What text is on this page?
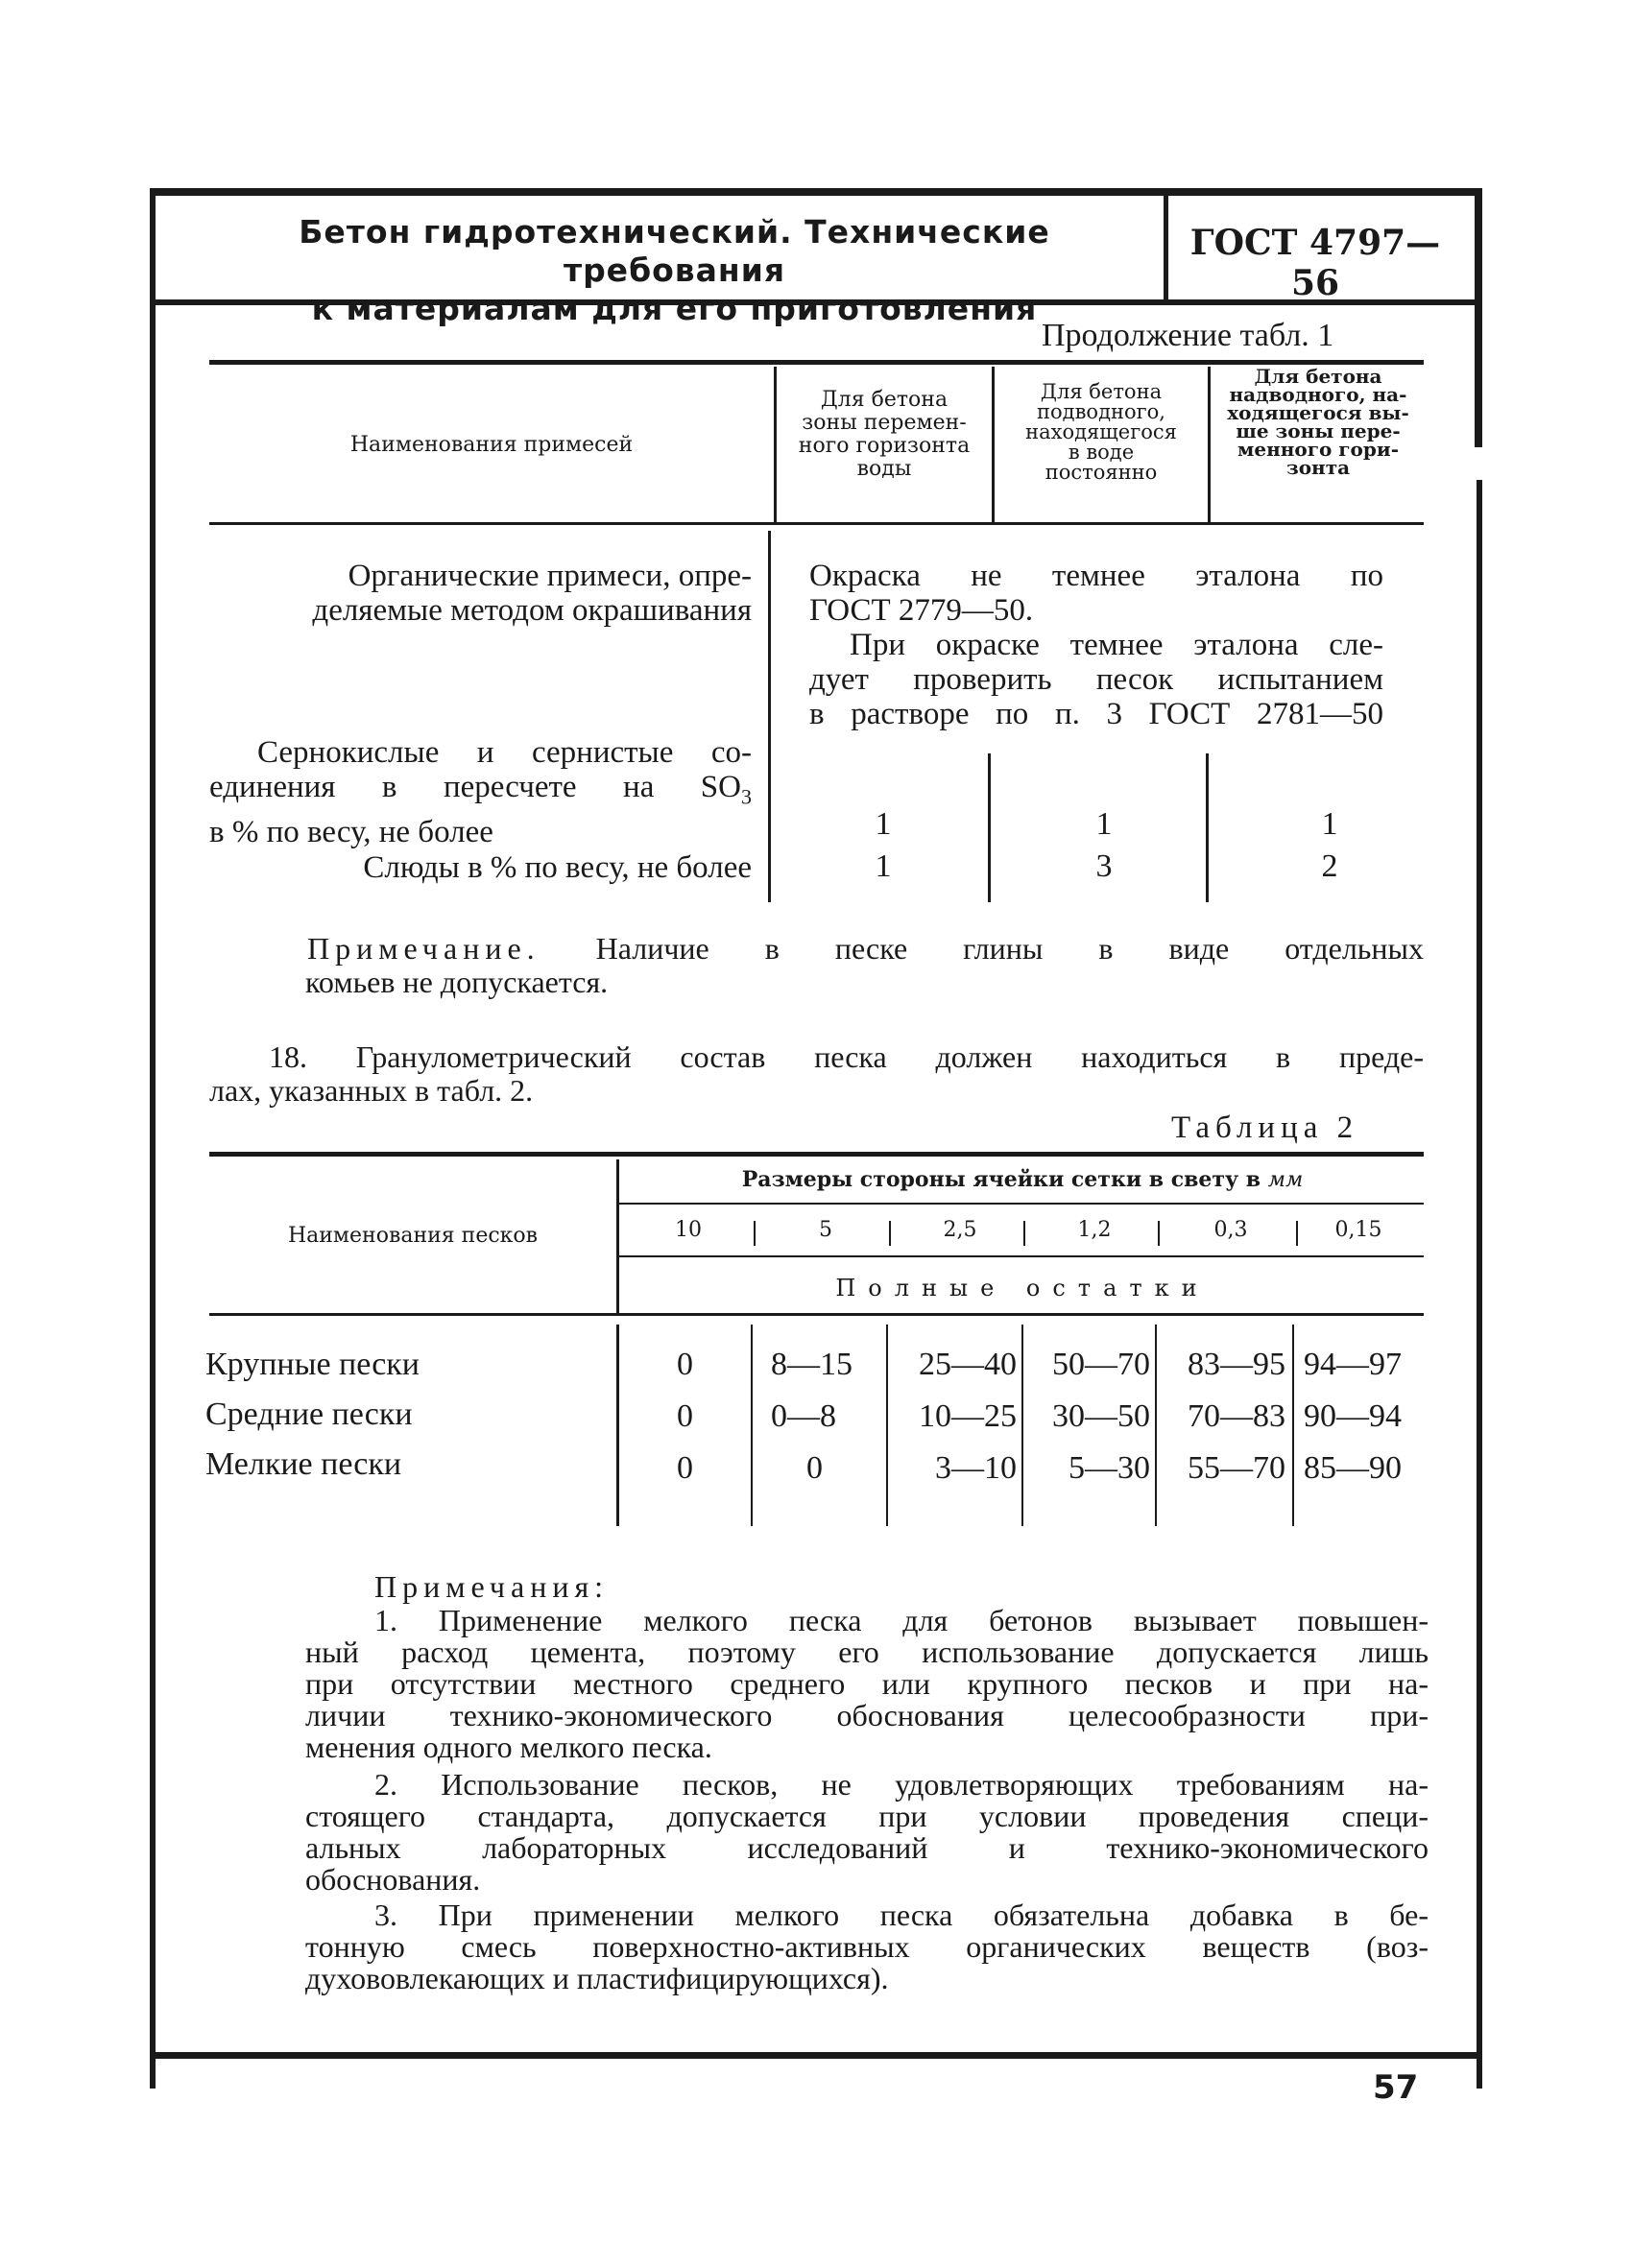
Бетон гидротехнический. Технические требования
к материалам для его приготовления
ГОСТ 4797—56
Продолжение табл. 1
Наименования примесей
Для бетона
зоны перемен-
ного горизонта
воды
Для бетона
подводного,
находящегося
в воде
постоянно
Для бетона
надводного, на-
ходящегося вы-
ше зоны пере-
менного гори-
зонта
Органические примеси, опре-
деляемые методом окрашивания
Окраска не темнее эталона по
ГОСТ 2779—50.
При окраске темнее эталона сле-
дует проверить песок испытанием
в растворе по п. 3 ГОСТ 2781—50
Сернокислые и сернистые со-
единения в пересчете на $SO_3$
в % по весу, не более	1	1	1
Слюды в % по весу, не более	1	3	2
Примечание. Наличие в песке глины в виде отдельных
комьев не допускается.
18. Гранулометрический состав песка должен находиться в преде-
лах, указанных в табл. 2.
Таблица 2
Наименования песков
Размеры стороны ячейки сетки в свету в мм
10	5	2,5	1,2	0,3	0,15
Полные остатки
Крупные пески	0	8—15	25—40	50—70	83—95 94—97
Средние пески	0	0—8	10—25	30—50	70—83 90—94
Мелкие пески	0	0	3—10	5—30	55—70 85—90
Примечания:

1. Применение мелкого песка для бетонов вызывает повышен-

ный расход цемента, поэтому его использование допускается лишь

при отсутствии местного среднего или крупного песков и при на-

личии технико-экономического обоснования целесообразности при-

менения одного мелкого песка.

2. Использование песков, не удовлетворяющих требованиям на-

стоящего стандарта, допускается при условии проведения специ-

альных лабораторных исследований и технико-экономического

обоснования.

3. При применении мелкого песка обязательна добавка в бе-

тонную смесь поверхностно-активных органических веществ (воз-

духововлекающих и пластифицирующихся).

57
